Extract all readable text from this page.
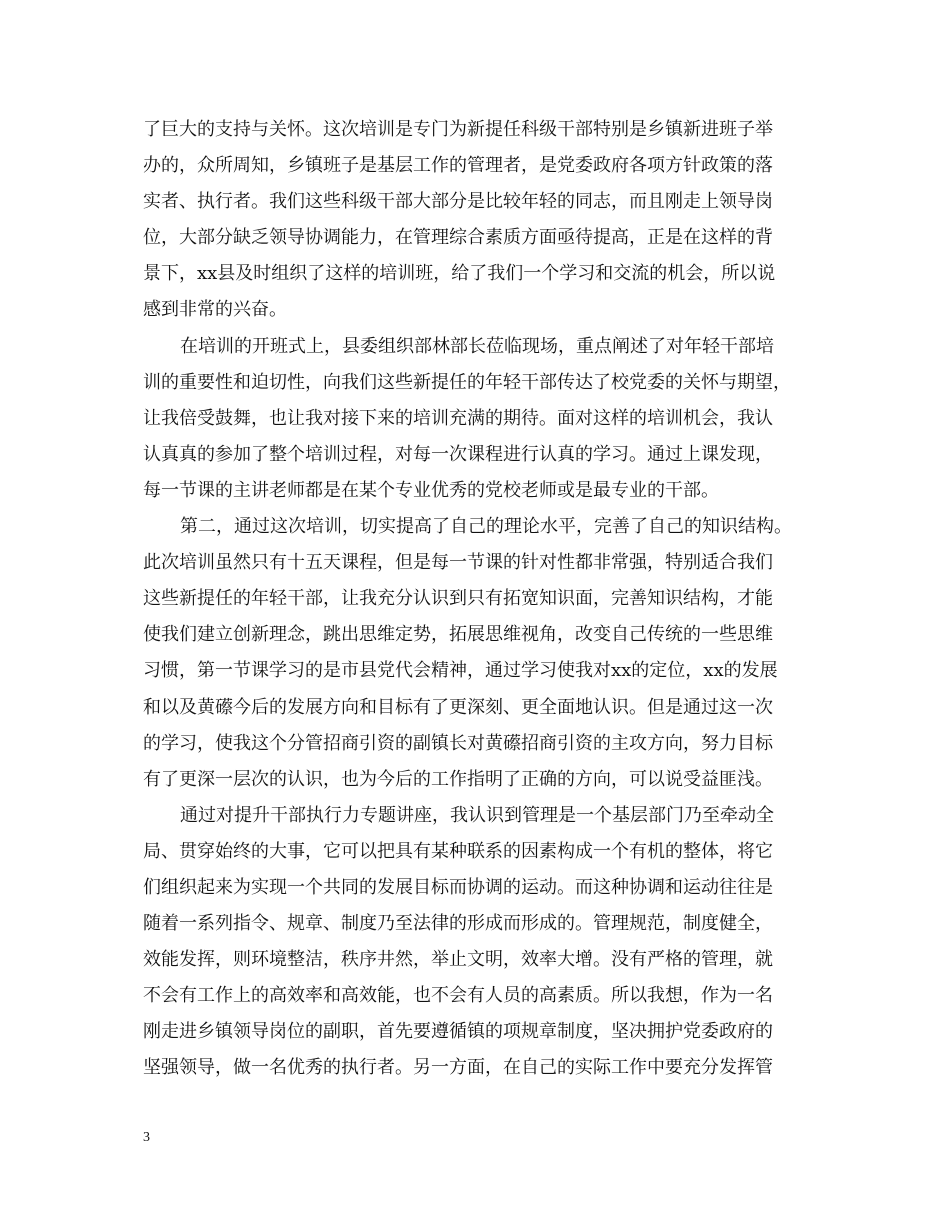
了巨大的支持与关怀。这次培训是专门为新提任科级干部特别是乡镇新进班子举
办的，众所周知，乡镇班子是基层工作的管理者，是党委政府各项方针政策的落
实者、执行者。我们这些科级干部大部分是比较年轻的同志，而且刚走上领导岗
位，大部分缺乏领导协调能力，在管理综合素质方面亟待提高，正是在这样的背
景下，xx县及时组织了这样的培训班，给了我们一个学习和交流的机会，所以说
感到非常的兴奋。
在培训的开班式上，县委组织部林部长莅临现场，重点阐述了对年轻干部培
训的重要性和迫切性，向我们这些新提任的年轻干部传达了校党委的关怀与期望，
让我倍受鼓舞，也让我对接下来的培训充满的期待。面对这样的培训机会，我认
认真真的参加了整个培训过程，对每一次课程进行认真的学习。通过上课发现，
每一节课的主讲老师都是在某个专业优秀的党校老师或是最专业的干部。
第二，通过这次培训，切实提高了自己的理论水平，完善了自己的知识结构。
此次培训虽然只有十五天课程，但是每一节课的针对性都非常强，特别适合我们
这些新提任的年轻干部，让我充分认识到只有拓宽知识面，完善知识结构，才能
使我们建立创新理念，跳出思维定势，拓展思维视角，改变自己传统的一些思维
习惯，第一节课学习的是市县党代会精神，通过学习使我对xx的定位，xx的发展
和以及黄礤今后的发展方向和目标有了更深刻、更全面地认识。但是通过这一次
的学习，使我这个分管招商引资的副镇长对黄礤招商引资的主攻方向，努力目标
有了更深一层次的认识，也为今后的工作指明了正确的方向，可以说受益匪浅。
通过对提升干部执行力专题讲座，我认识到管理是一个基层部门乃至牵动全
局、贯穿始终的大事，它可以把具有某种联系的因素构成一个有机的整体，将它
们组织起来为实现一个共同的发展目标而协调的运动。而这种协调和运动往往是
随着一系列指令、规章、制度乃至法律的形成而形成的。管理规范，制度健全，
效能发挥，则环境整洁，秩序井然，举止文明，效率大增。没有严格的管理，就
不会有工作上的高效率和高效能，也不会有人员的高素质。所以我想，作为一名
刚走进乡镇领导岗位的副职，首先要遵循镇的项规章制度，坚决拥护党委政府的
坚强领导，做一名优秀的执行者。另一方面，在自己的实际工作中要充分发挥管
3
